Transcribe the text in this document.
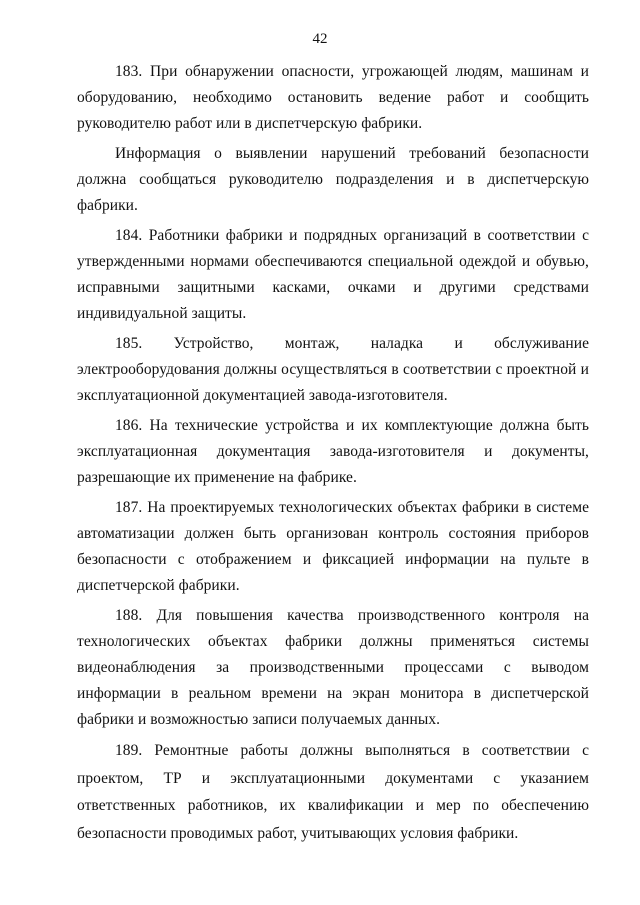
42

183. При обнаружении опасности, угрожающей людям, машинам и оборудованию, необходимо остановить ведение работ и сообщить руководителю работ или в диспетчерскую фабрики.

Информация о выявлении нарушений требований безопасности должна сообщаться руководителю подразделения и в диспетчерскую фабрики.

184. Работники фабрики и подрядных организаций в соответствии с утвержденными нормами обеспечиваются специальной одеждой и обувью, исправными защитными касками, очками и другими средствами индивидуальной защиты.

185. Устройство, монтаж, наладка и обслуживание электрооборудования должны осуществляться в соответствии с проектной и эксплуатационной документацией завода-изготовителя.

186. На технические устройства и их комплектующие должна быть эксплуатационная документация завода-изготовителя и документы, разрешающие их применение на фабрике.

187. На проектируемых технологических объектах фабрики в системе автоматизации должен быть организован контроль состояния приборов безопасности с отображением и фиксацией информации на пульте в диспетчерской фабрики.

188. Для повышения качества производственного контроля на технологических объектах фабрики должны применяться системы видеонаблюдения за производственными процессами с выводом информации в реальном времени на экран монитора в диспетчерской фабрики и возможностью записи получаемых данных.

189. Ремонтные работы должны выполняться в соответствии с проектом, ТР и эксплуатационными документами с указанием ответственных работников, их квалификации и мер по обеспечению безопасности проводимых работ, учитывающих условия фабрики.
